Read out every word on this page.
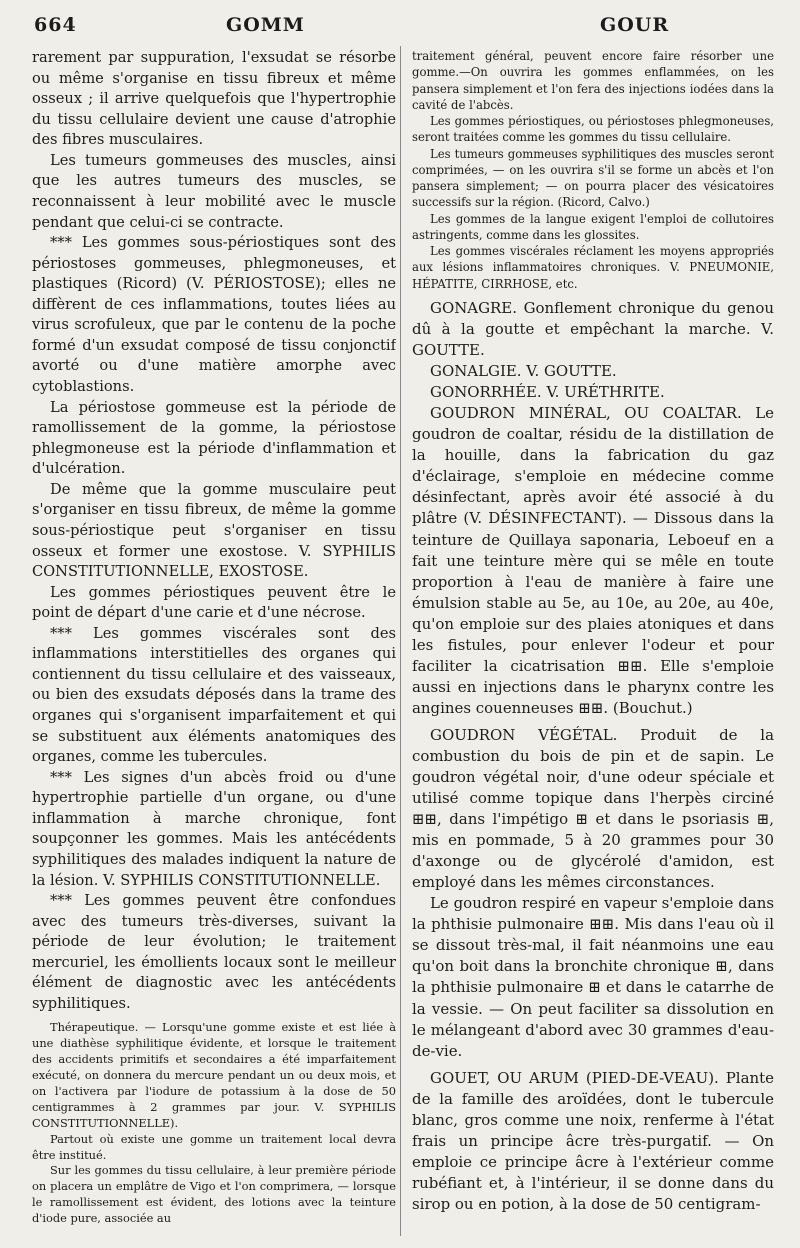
664	GOMM	GOUR

rarement par suppuration, l'exsudat se résorbe ou même s'organise en tissu fibreux et même osseux ; il arrive quelquefois que l'hypertrophie du tissu cellulaire devient une cause d'atrophie des fibres musculaires.

Les tumeurs gommeuses des muscles, ainsi que les autres tumeurs des muscles, se reconnaissent à leur mobilité avec le muscle pendant que celui-ci se contracte.

*** Les gommes sous-périostiques sont des périostoses gommeuses, phlegmoneuses, et plastiques (Ricord) (V. PÉRIOSTOSE); elles ne diffèrent de ces inflammations, toutes liées au virus scrofuleux, que par le contenu de la poche formé d'un exsudat composé de tissu conjonctif avorté ou d'une matière amorphe avec cytoblastions.

La périostose gommeuse est la période de ramollissement de la gomme, la périostose phlegmoneuse est la période d'inflammation et d'ulcération.

De même que la gomme musculaire peut s'organiser en tissu fibreux, de même la gomme sous-périostique peut s'organiser en tissu osseux et former une exostose. V. SYPHILIS CONSTITUTIONNELLE, EXOSTOSE.

Les gommes périostiques peuvent être le point de départ d'une carie et d'une nécrose.

*** Les gommes viscérales sont des inflammations interstitielles des organes qui contiennent du tissu cellulaire et des vaisseaux, ou bien des exsudats déposés dans la trame des organes qui s'organisent imparfaitement et qui se substituent aux éléments anatomiques des organes, comme les tubercules.

*** Les signes d'un abcès froid ou d'une hypertrophie partielle d'un organe, ou d'une inflammation à marche chronique, font soupçonner les gommes. Mais les antécédents syphilitiques des malades indiquent la nature de la lésion. V. SYPHILIS CONSTITUTIONNELLE.

*** Les gommes peuvent être confondues avec des tumeurs très-diverses, suivant la période de leur évolution; le traitement mercuriel, les émollients locaux sont le meilleur élément de diagnostic avec les antécédents syphilitiques.

Thérapeutique. — Lorsqu'une gomme existe et est liée à une diathèse syphilitique évidente, et lorsque le traitement des accidents primitifs et secondaires a été imparfaitement exécuté, on donnera du mercure pendant un ou deux mois, et on l'activera par l'iodure de potassium à la dose de 50 centigrammes à 2 grammes par jour. V. SYPHILIS CONSTITUTIONNELLE).

Partout où existe une gomme un traitement local devra être institué.

Sur les gommes du tissu cellulaire, à leur première période on placera un emplâtre de Vigo et l'on comprimera, — lorsque le ramollissement est évident, des lotions avec la teinture d'iode pure, associée au

traitement général, peuvent encore faire résorber une gomme.—On ouvrira les gommes enflammées, on les pansera simplement et l'on fera des injections iodées dans la cavité de l'abcès.

Les gommes périostiques, ou périostoses phlegmoneuses, seront traitées comme les gommes du tissu cellulaire.

Les tumeurs gommeuses syphilitiques des muscles seront comprimées, — on les ouvrira s'il se forme un abcès et l'on pansera simplement; — on pourra placer des vésicatoires successifs sur la région. (Ricord, Calvo.)

Les gommes de la langue exigent l'emploi de collutoires astringents, comme dans les glossites.

Les gommes viscérales réclament les moyens appropriés aux lésions inflammatoires chroniques. V. PNEUMONIE, HÉPATITE, CIRRHOSE, etc.

GONAGRE. Gonflement chronique du genou dû à la goutte et empêchant la marche. V. GOUTTE.

GONALGIE. V. GOUTTE.

GONORRHÉE. V. URÉTHRITE.

GOUDRON MINÉRAL, OU COALTAR. Le goudron de coaltar, résidu de la distillation de la houille, dans la fabrication du gaz d'éclairage, s'emploie en médecine comme désinfectant, après avoir été associé à du plâtre (V. DÉSINFECTANT). — Dissous dans la teinture de Quillaya saponaria, Leboeuf en a fait une teinture mère qui se mêle en toute proportion à l'eau de manière à faire une émulsion stable au 5e, au 10e, au 20e, au 40e, qu'on emploie sur des plaies atoniques et dans les fistules, pour enlever l'odeur et pour faciliter la cicatrisation ⊞⊞. Elle s'emploie aussi en injections dans le pharynx contre les angines couenneuses ⊞⊞. (Bouchut.)

GOUDRON VÉGÉTAL. Produit de la combustion du bois de pin et de sapin. Le goudron végétal noir, d'une odeur spéciale et utilisé comme topique dans l'herpès circiné ⊞⊞, dans l'impétigo ⊞ et dans le psoriasis ⊞, mis en pommade, 5 à 20 grammes pour 30 d'axonge ou de glycérolé d'amidon, est employé dans les mêmes circonstances.

Le goudron respiré en vapeur s'emploie dans la phthisie pulmonaire ⊞⊞. Mis dans l'eau où il se dissout très-mal, il fait néanmoins une eau qu'on boit dans la bronchite chronique ⊞, dans la phthisie pulmonaire ⊞ et dans le catarrhe de la vessie. — On peut faciliter sa dissolution en le mélangeant d'abord avec 30 grammes d'eau-de-vie.

GOUET, OU ARUM (PIED-DE-VEAU). Plante de la famille des aroïdées, dont le tubercule blanc, gros comme une noix, renferme à l'état frais un principe âcre très-purgatif. — On emploie ce principe âcre à l'extérieur comme rubéfiant et, à l'intérieur, il se donne dans du sirop ou en potion, à la dose de 50 centigram-
